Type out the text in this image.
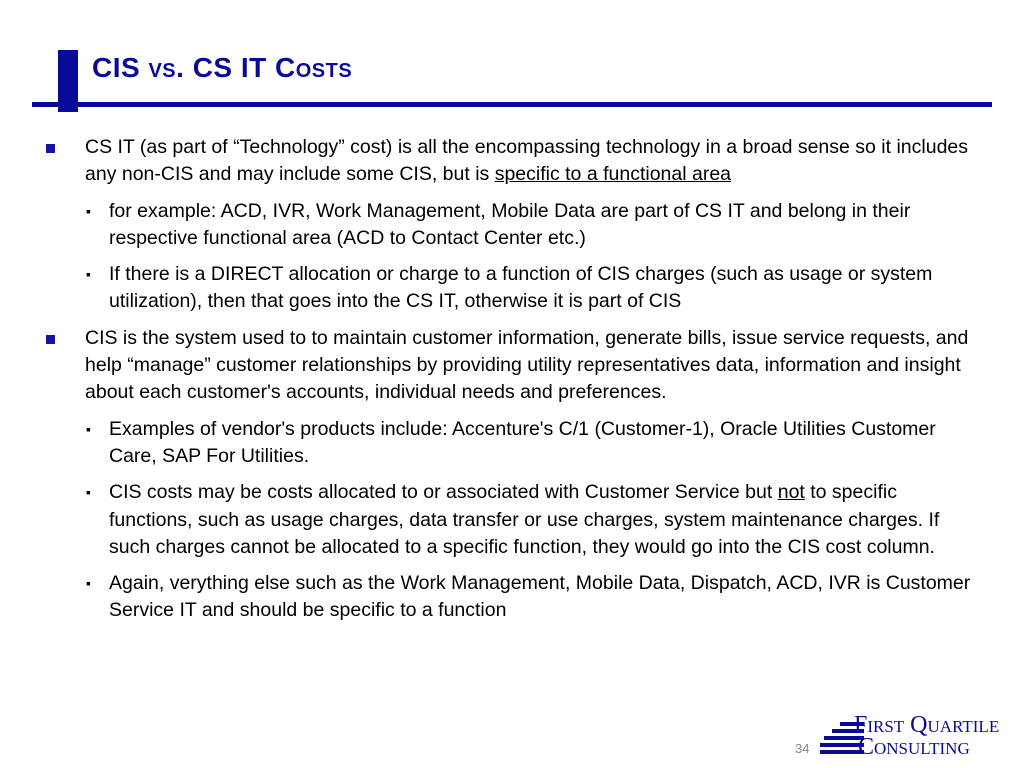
CIS vs. CS IT Costs
CS IT (as part of “Technology” cost) is all the encompassing technology in a broad sense so it includes any non-CIS and may include some CIS, but is specific to a functional area
▪ for example: ACD, IVR, Work Management, Mobile Data are part of CS IT and belong in their respective functional area (ACD to Contact Center etc.)
▪ If there is a DIRECT allocation or charge to a function of CIS charges (such as usage or system utilization), then that goes into the CS IT, otherwise it is part of CIS
CIS is the system used to to maintain customer information, generate bills, issue service requests, and help “manage” customer relationships by providing utility representatives data, information and insight about each customer's accounts, individual needs and preferences.
▪ Examples of vendor's products include: Accenture's C/1 (Customer-1), Oracle Utilities Customer Care, SAP For Utilities.
▪ CIS costs may be costs allocated to or associated with Customer Service but not to specific functions, such as usage charges, data transfer or use charges, system maintenance charges. If such charges cannot be allocated to a specific function, they would go into the CIS cost column.
▪ Again, verything else such as the Work Management, Mobile Data, Dispatch, ACD, IVR is Customer Service IT and should be specific to a function
34
First Quartile
Consulting
